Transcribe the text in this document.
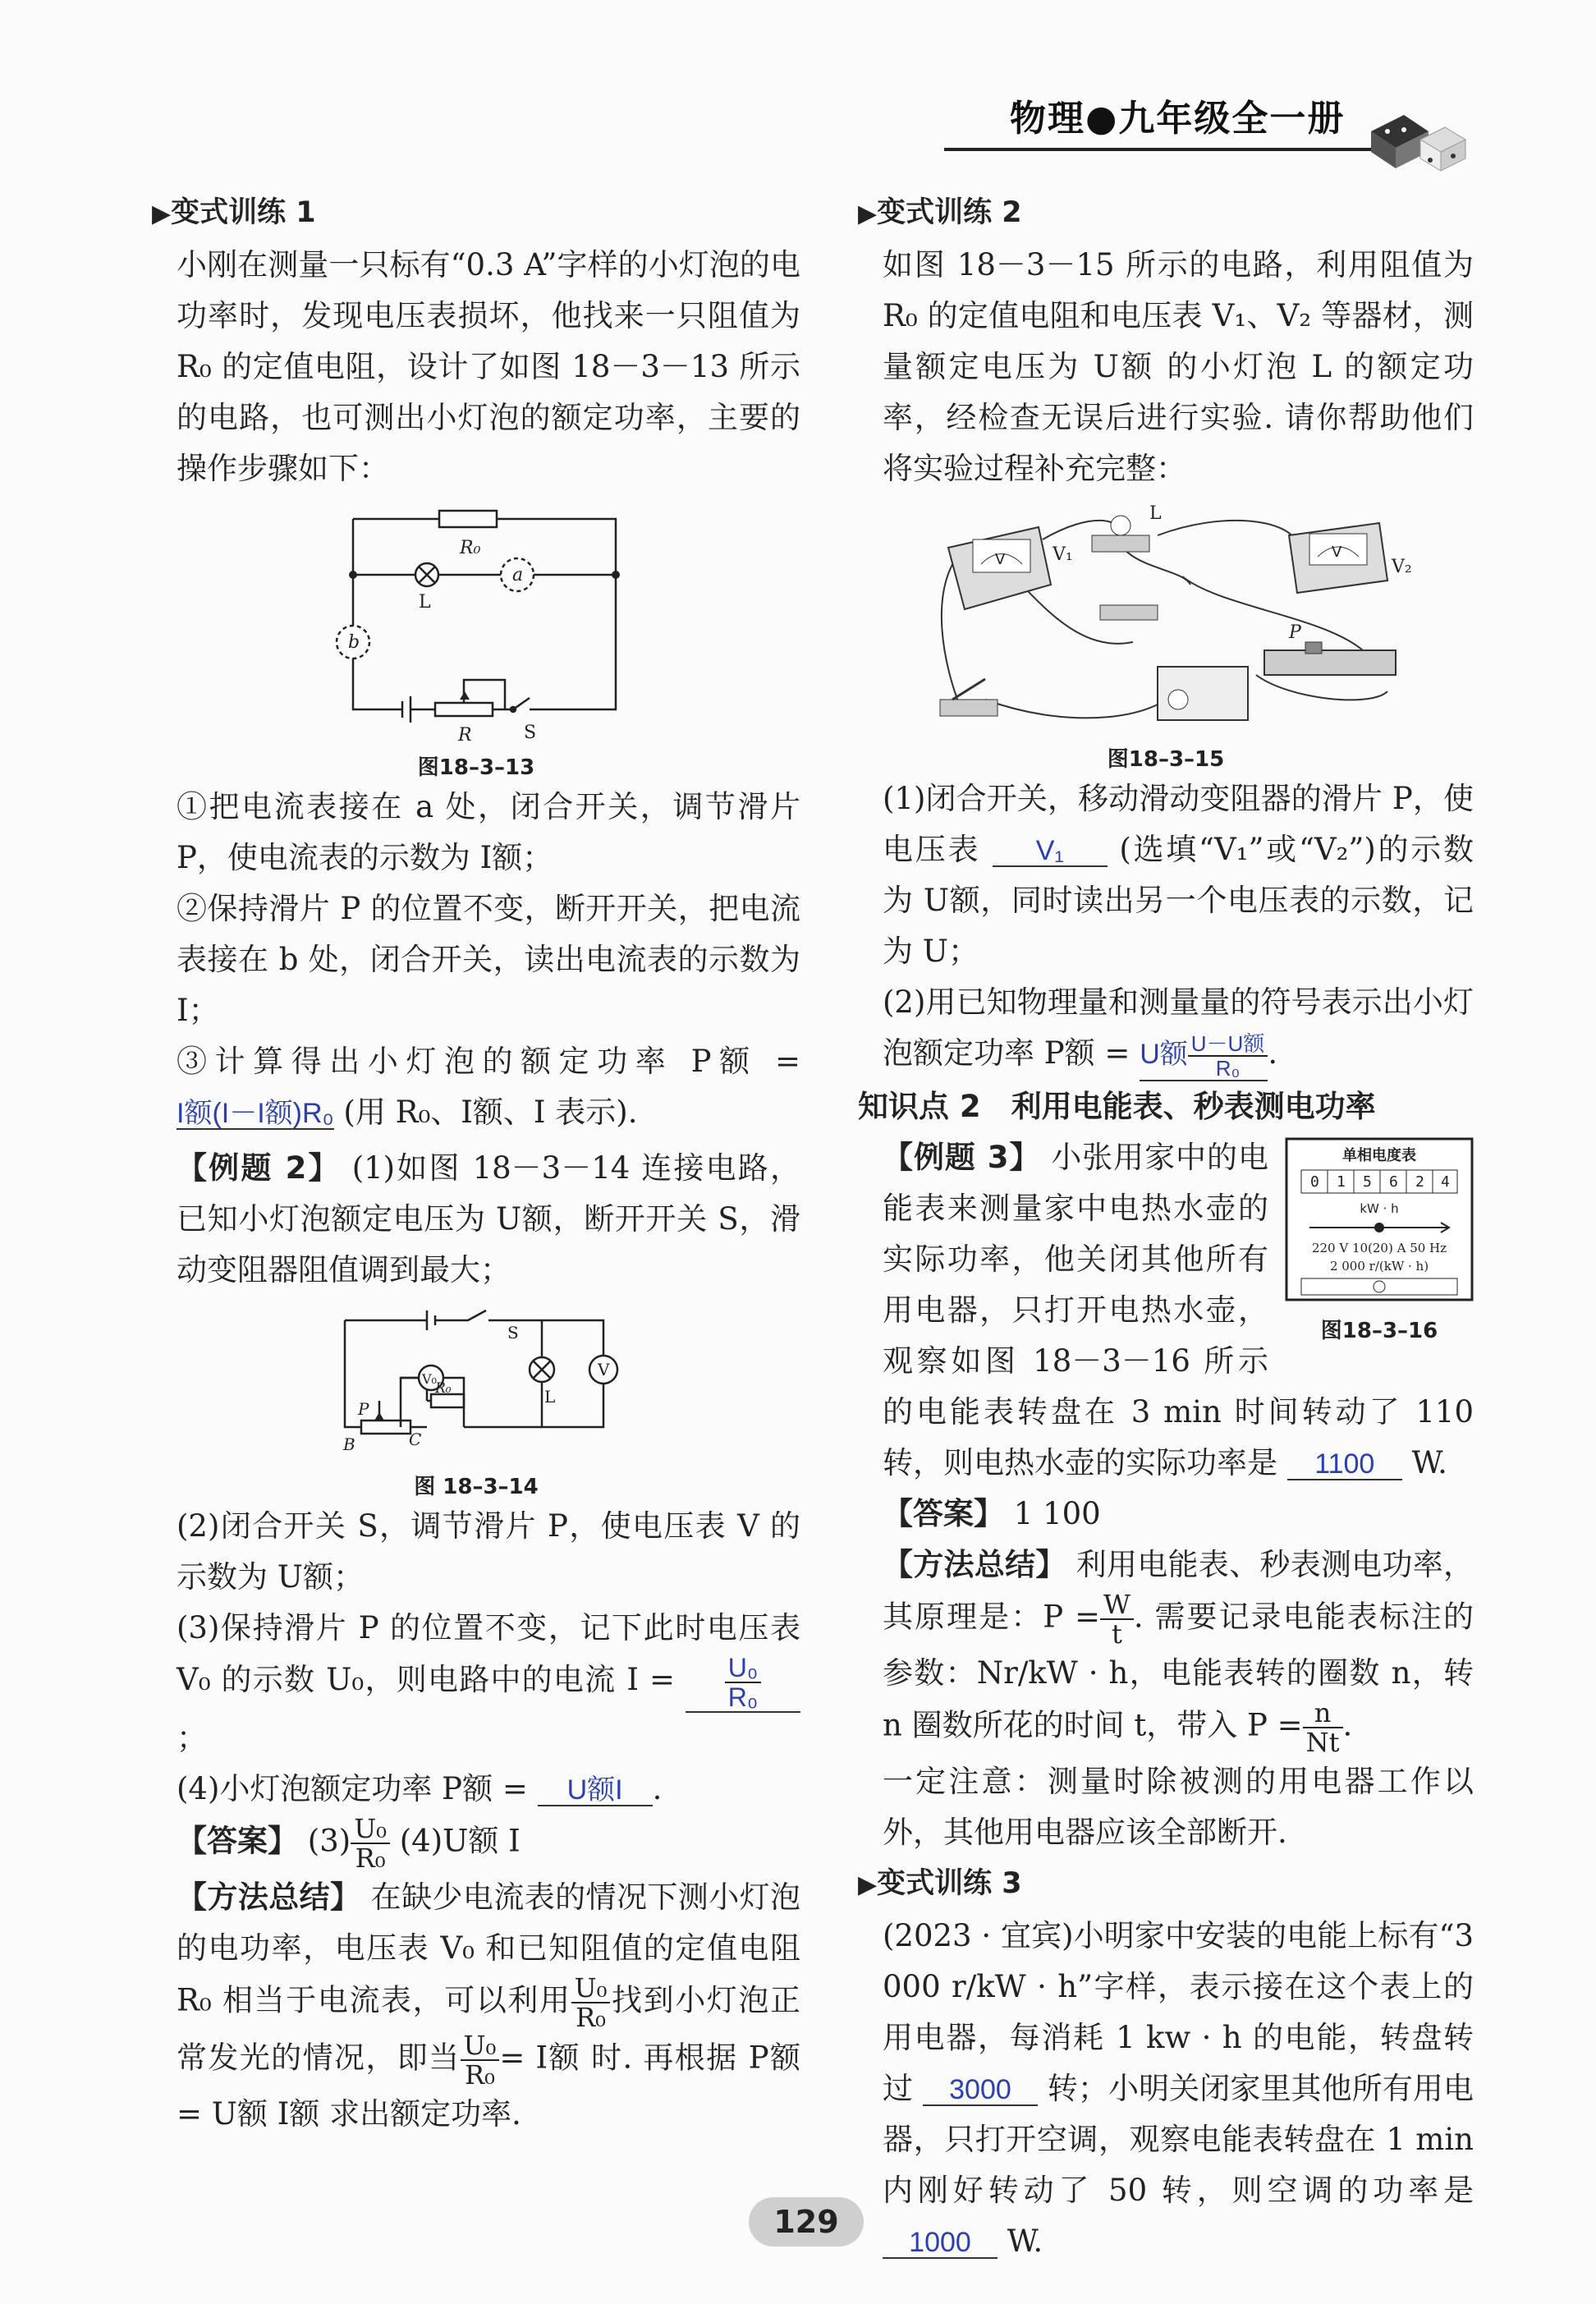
物理●九年级全一册
▶变式训练 1

小刚在测量一只标有“0.3 A”字样的小灯泡的电功率时，发现电压表损坏，他找来一只阻值为 R₀ 的定值电阻，设计了如图 18－3－13 所示的电路，也可测出小灯泡的额定功率，主要的操作步骤如下：

R₀
L
a
b
R	S
图18–3–13

①把电流表接在 a 处，闭合开关，调节滑片 P，使电流表的示数为 I额；

②保持滑片 P 的位置不变，断开开关，把电流表接在 b 处，闭合开关，读出电流表的示数为 I；

③计算得出小灯泡的额定功率 P额 = I额(I－I额)R₀ (用 R₀、I额、I 表示).

【例题 2】 (1)如图 18－3－14 连接电路，已知小灯泡额定电压为 U额，断开开关 S，滑动变阻器阻值调到最大；

S
V₀
L
V
P
R₀
B	C
图 18–3–14

(2)闭合开关 S，调节滑片 P，使电压表 V 的示数为 U额；

(3)保持滑片 P 的位置不变，记下此时电压表 V₀ 的示数 U₀，则电路中的电流 $I = \frac{\text{U₀}}{\text{R₀}}$
；

(4)小灯泡额定功率 P额 = U额I .

【答案】 $(3) \frac{\text{U₀}}{\text{R₀}} (4)U$额 I

【方法总结】 在缺少电流表的情况下测小灯泡的电功率，电压表 V₀ 和已知阻值的定值电阻 R₀ 相当于电流表，可以利用 $\frac{\text{U₀}}{\text{R₀}}$ 找到小灯泡正常发光的情况，即当 $\frac{\text{U₀}}{\text{R₀}} = I$额 时. 再根据 P额 = U额 I额 求出额定功率.

▶变式训练 2

如图 18－3－15 所示的电路，利用阻值为 R₀ 的定值电阻和电压表 V₁、V₂ 等器材，测量额定电压为 U额 的小灯泡 L 的额定功率，经检查无误后进行实验. 请你帮助他们将实验过程补充完整：

V	V₁
L
V
V₂
P
图18–3–15

(1)闭合开关，移动滑动变阻器的滑片 P，使电压表 V₁ (选填“V₁”或“V₂”)的示数为 U额，同时读出另一个电压表的示数，记为 U；

(2)用已知物理量和测量量的符号表示出小灯泡额定功率 P额 = U额 $\frac{\text{U－U额}}{\text{R₀}}$ .

知识点 2　利用电能表、秒表测电功率
单相电度表
0 1 5 6 2 4
kW · h
220 V 10(20) A 50 Hz
2 000 r/(kW · h)
图18–3–16

【例题 3】 小张用家中的电能表来测量家中电热水壶的实际功率，他关闭其他所有用电器，只打开电热水壶，观察如图 18－3－16 所示的电能表转盘在 3 min 时间转动了 110 转，则电热水壶的实际功率是 1100 W.

【答案】 1 100

【方法总结】 利用电能表、秒表测电功率，其原理是：$P = \frac{W}{t}$ . 需要记录电能表标注的参数：Nr/kW · h，电能表转的圈数 n，转 n 圈数所花的时间 t，带入 $P = \frac{n}{Nt}$ .

一定注意：测量时除被测的用电器工作以外，其他用电器应该全部断开.

▶变式训练 3

(2023 · 宜宾)小明家中安装的电能上标有“3 000 r/kW · h”字样，表示接在这个表上的用电器，每消耗 1 kw · h 的电能，转盘转过 3000 转；小明关闭家里其他所有用电器，只打开空调，观察电能表转盘在 1 min 内刚好转动了 50 转，则空调的功率是 1000 W.

129
